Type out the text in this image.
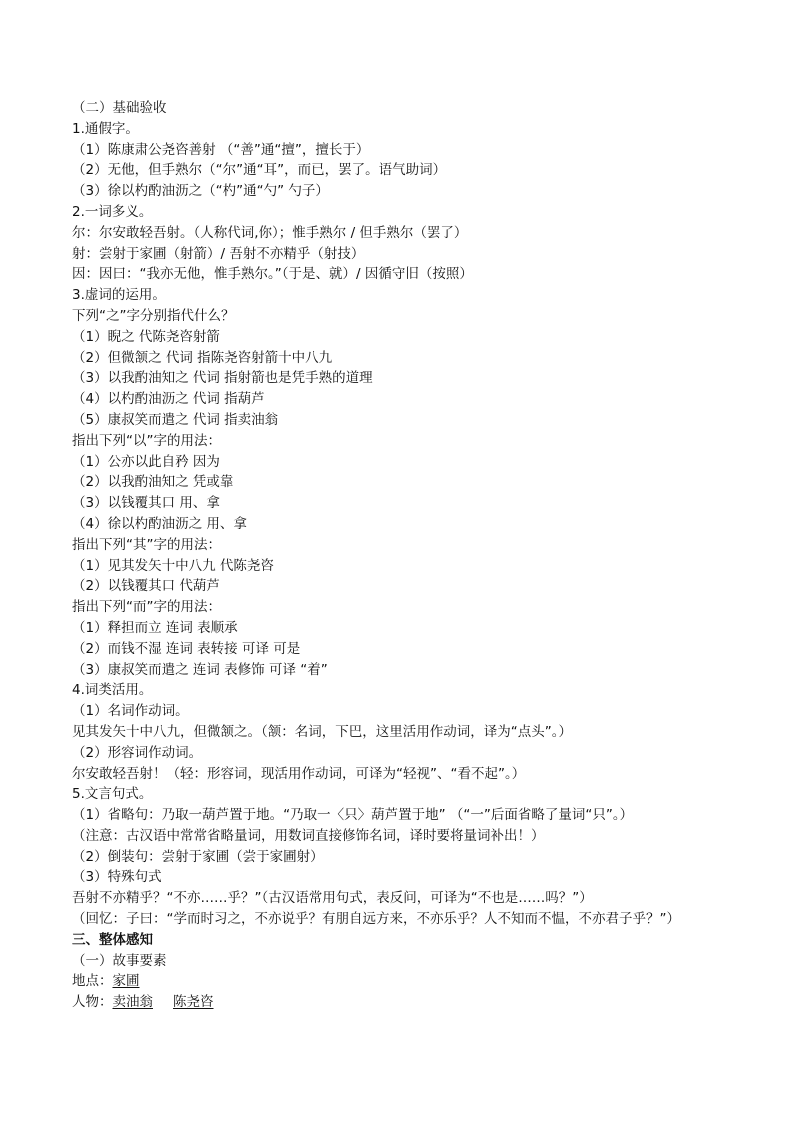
（二）基础验收
1.通假字。
（1）陈康肃公尧咨善射 （“善”通“擅”，擅长于）
（2）无他，但手熟尔（“尔”通“耳”，而已，罢了。语气助词）
（3）徐以杓酌油沥之（“杓”通“勺” 勺子）
2.一词多义。
尔：尔安敢轻吾射。（人称代词,你）；惟手熟尔 / 但手熟尔（罢了）
射：尝射于家圃（射箭）/ 吾射不亦精乎（射技）
因：因曰：“我亦无他，惟手熟尔。”（于是、就）/ 因循守旧（按照）
3.虚词的运用。
下列“之”字分别指代什么？
（1）睨之 代陈尧咨射箭
（2）但微颔之 代词 指陈尧咨射箭十中八九
（3）以我酌油知之 代词 指射箭也是凭手熟的道理
（4）以杓酌油沥之 代词 指葫芦
（5）康叔笑而遣之 代词 指卖油翁
指出下列“以”字的用法：
（1）公亦以此自矜 因为
（2）以我酌油知之 凭或靠
（3）以钱覆其口 用、拿
（4）徐以杓酌油沥之 用、拿
指出下列“其”字的用法：
（1）见其发矢十中八九 代陈尧咨
（2）以钱覆其口 代葫芦
指出下列“而”字的用法：
（1）释担而立 连词 表顺承
（2）而钱不湿 连词 表转接 可译 可是
（3）康叔笑而遣之 连词 表修饰 可译 “着”
4.词类活用。
（1）名词作动词。
见其发矢十中八九，但微颔之。（颔：名词，下巴，这里活用作动词，译为“点头”。）
（2）形容词作动词。
尔安敢轻吾射！（轻：形容词，现活用作动词，可译为“轻视”、“看不起”。）
5.文言句式。
（1）省略句：乃取一葫芦置于地。“乃取一〈只〉葫芦置于地” （“一”后面省略了量词“只”。）
（注意：古汉语中常常省略量词，用数词直接修饰名词，译时要将量词补出！）
（2）倒装句：尝射于家圃（尝于家圃射）
（3）特殊句式
吾射不亦精乎？“不亦……乎？”（古汉语常用句式，表反问，可译为“不也是……吗？”）
（回忆：子曰：“学而时习之，不亦说乎？有朋自远方来，不亦乐乎？人不知而不愠，不亦君子乎？”）
三、整体感知
（一）故事要素
地点：家圃
人物：卖油翁 陈尧咨
